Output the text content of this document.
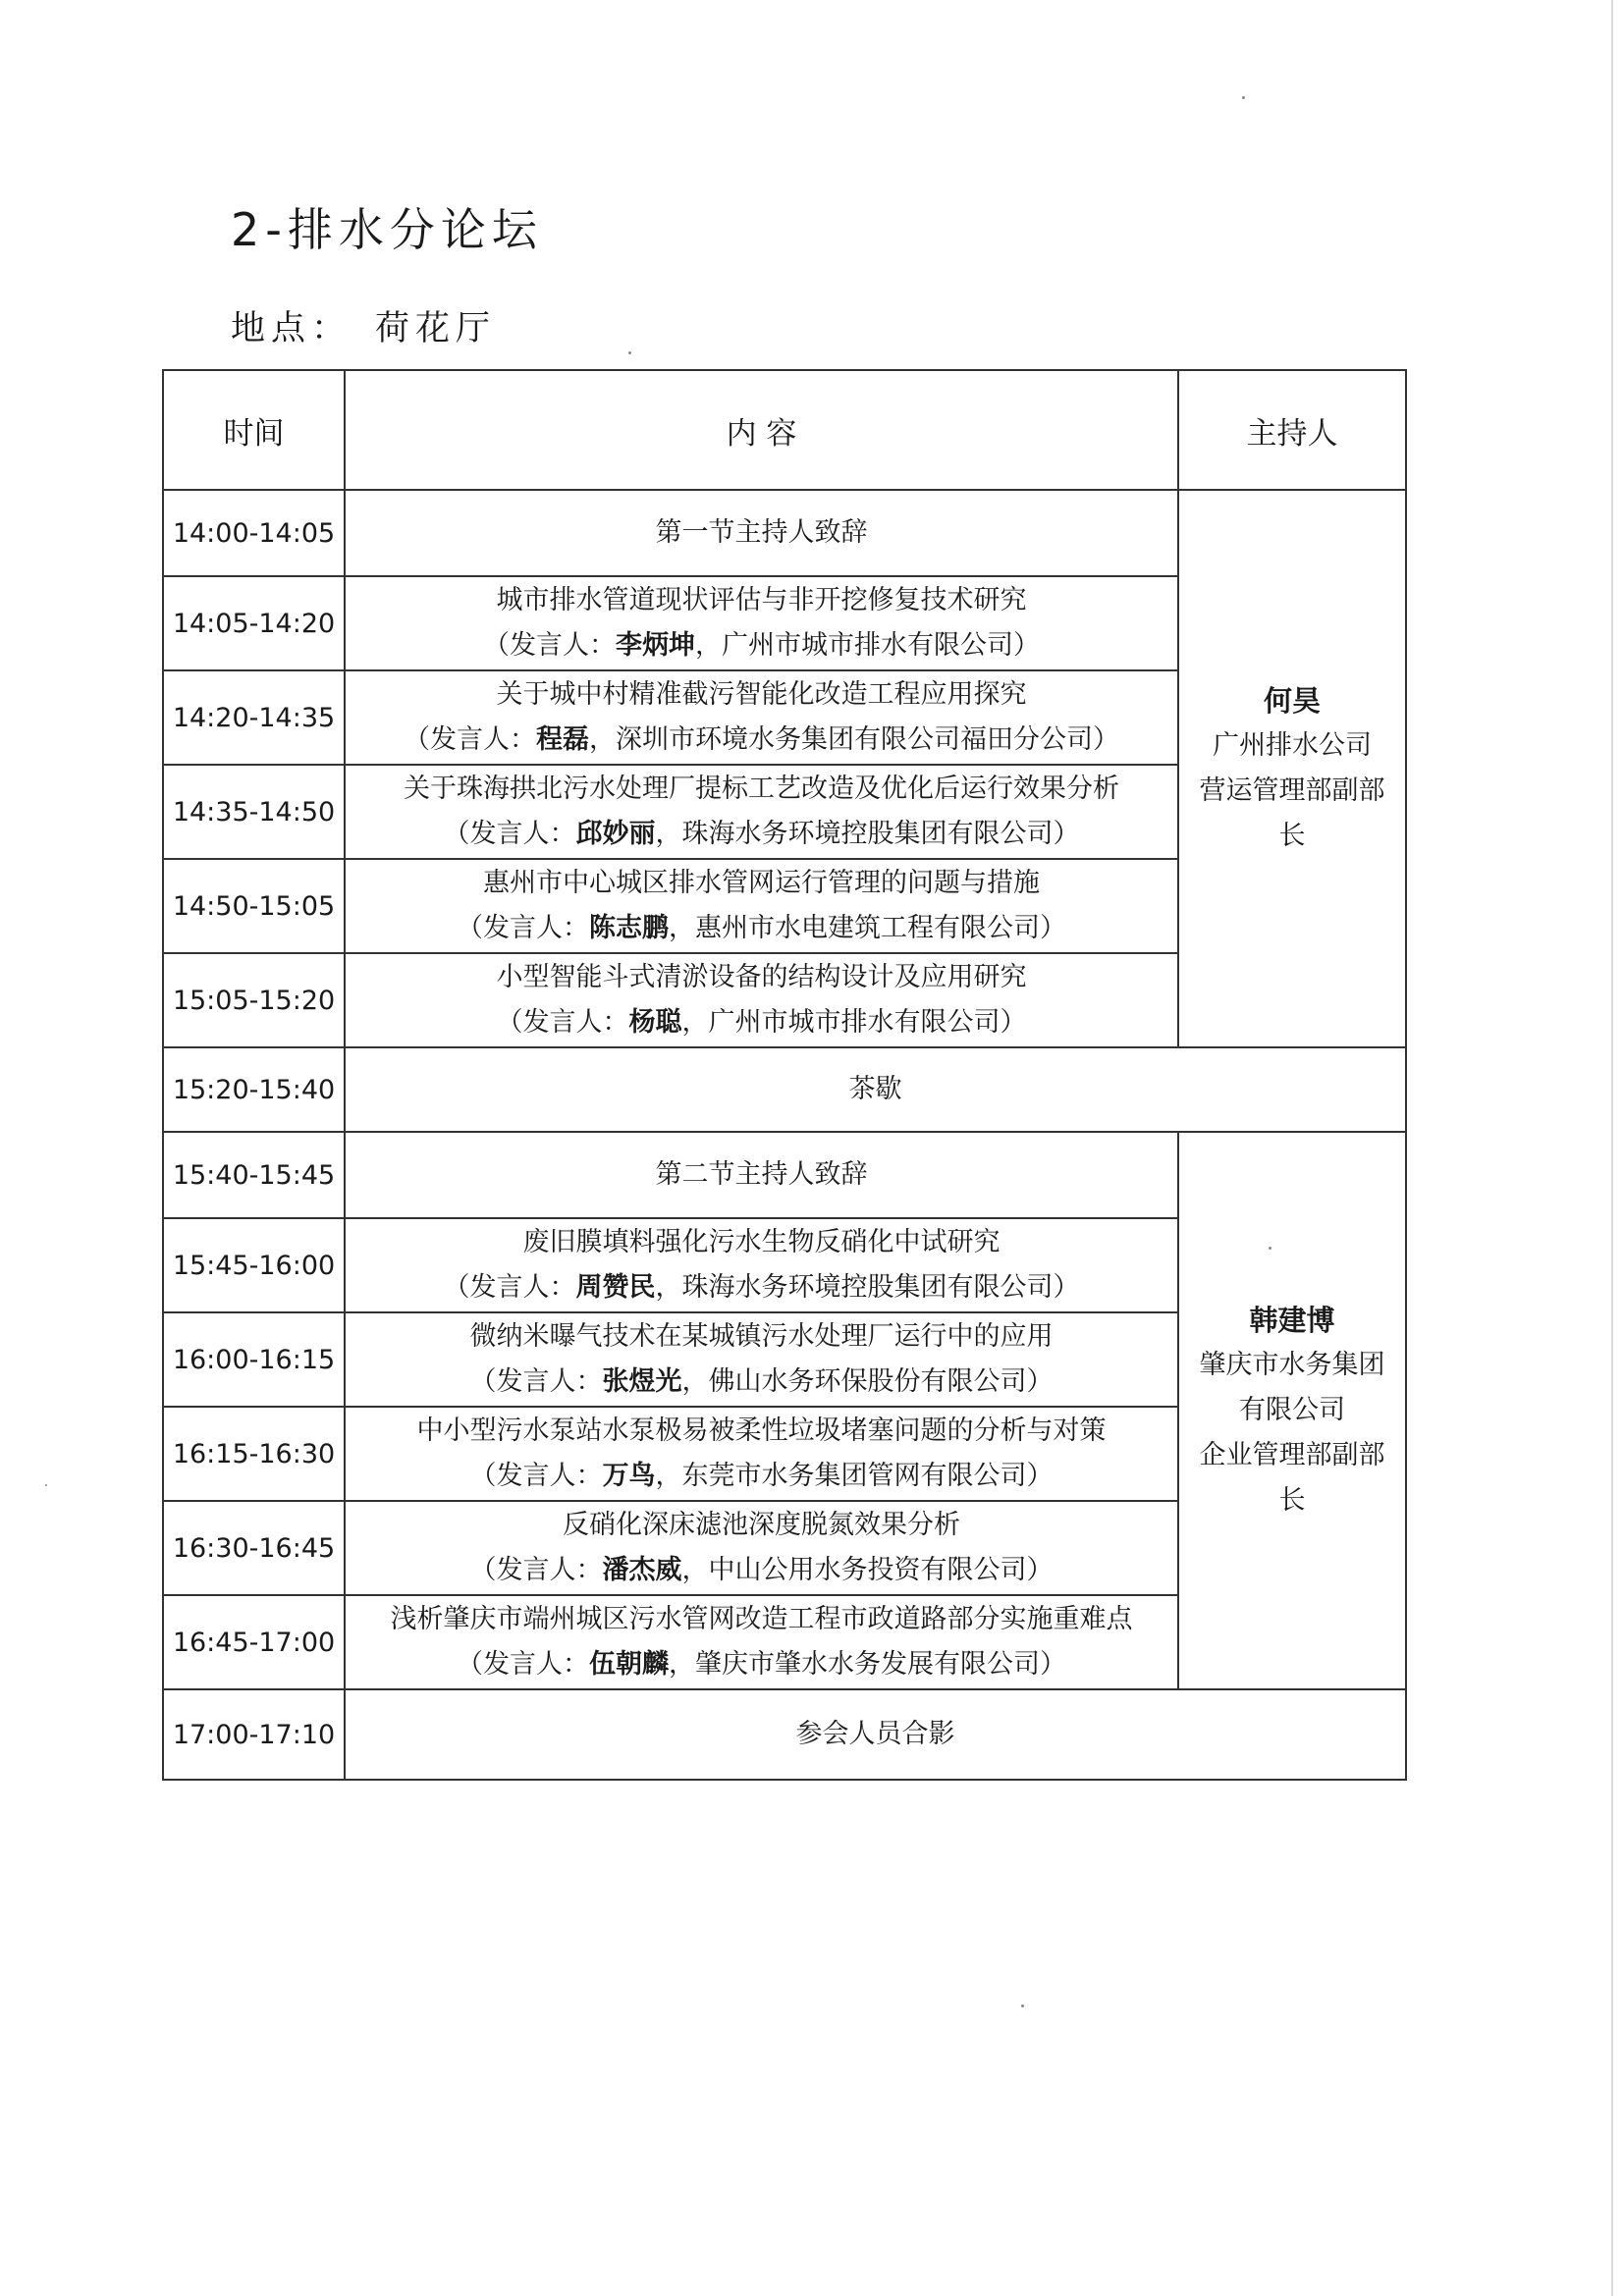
2-排水分论坛
地点： 荷花厅
时间	内 容	主持人
14:00-14:05	第一节主持人致辞	何昊
广州排水公司
营运管理部副部长

14:05-14:20	城市排水管道现状评估与非开挖修复技术研究
（发言人：李炳坤，广州市城市排水有限公司）	

14:20-14:35	关于城中村精准截污智能化改造工程应用探究
（发言人：程磊，深圳市环境水务集团有限公司福田分公司）	

14:35-14:50	关于珠海拱北污水处理厂提标工艺改造及优化后运行效果分析
（发言人：邱妙丽，珠海水务环境控股集团有限公司）	

14:50-15:05	惠州市中心城区排水管网运行管理的问题与措施
（发言人：陈志鹏，惠州市水电建筑工程有限公司）	

15:05-15:20	小型智能斗式清淤设备的结构设计及应用研究
（发言人：杨聪，广州市城市排水有限公司）	

15:20-15:40	茶歇	
15:40-15:45	第二节主持人致辞	韩建博
肇庆市水务集团
有限公司
企业管理部副部长

15:45-16:00	废旧膜填料强化污水生物反硝化中试研究
（发言人：周赞民，珠海水务环境控股集团有限公司）	

16:00-16:15	微纳米曝气技术在某城镇污水处理厂运行中的应用
（发言人：张煜光，佛山水务环保股份有限公司）	

16:15-16:30	中小型污水泵站水泵极易被柔性垃圾堵塞问题的分析与对策
（发言人：万鸟，东莞市水务集团管网有限公司）	

16:30-16:45	反硝化深床滤池深度脱氮效果分析
（发言人：潘杰威，中山公用水务投资有限公司）	

16:45-17:00	浅析肇庆市端州城区污水管网改造工程市政道路部分实施重难点
（发言人：伍朝麟，肇庆市肇水水务发展有限公司）	

17:00-17:10	参会人员合影	
